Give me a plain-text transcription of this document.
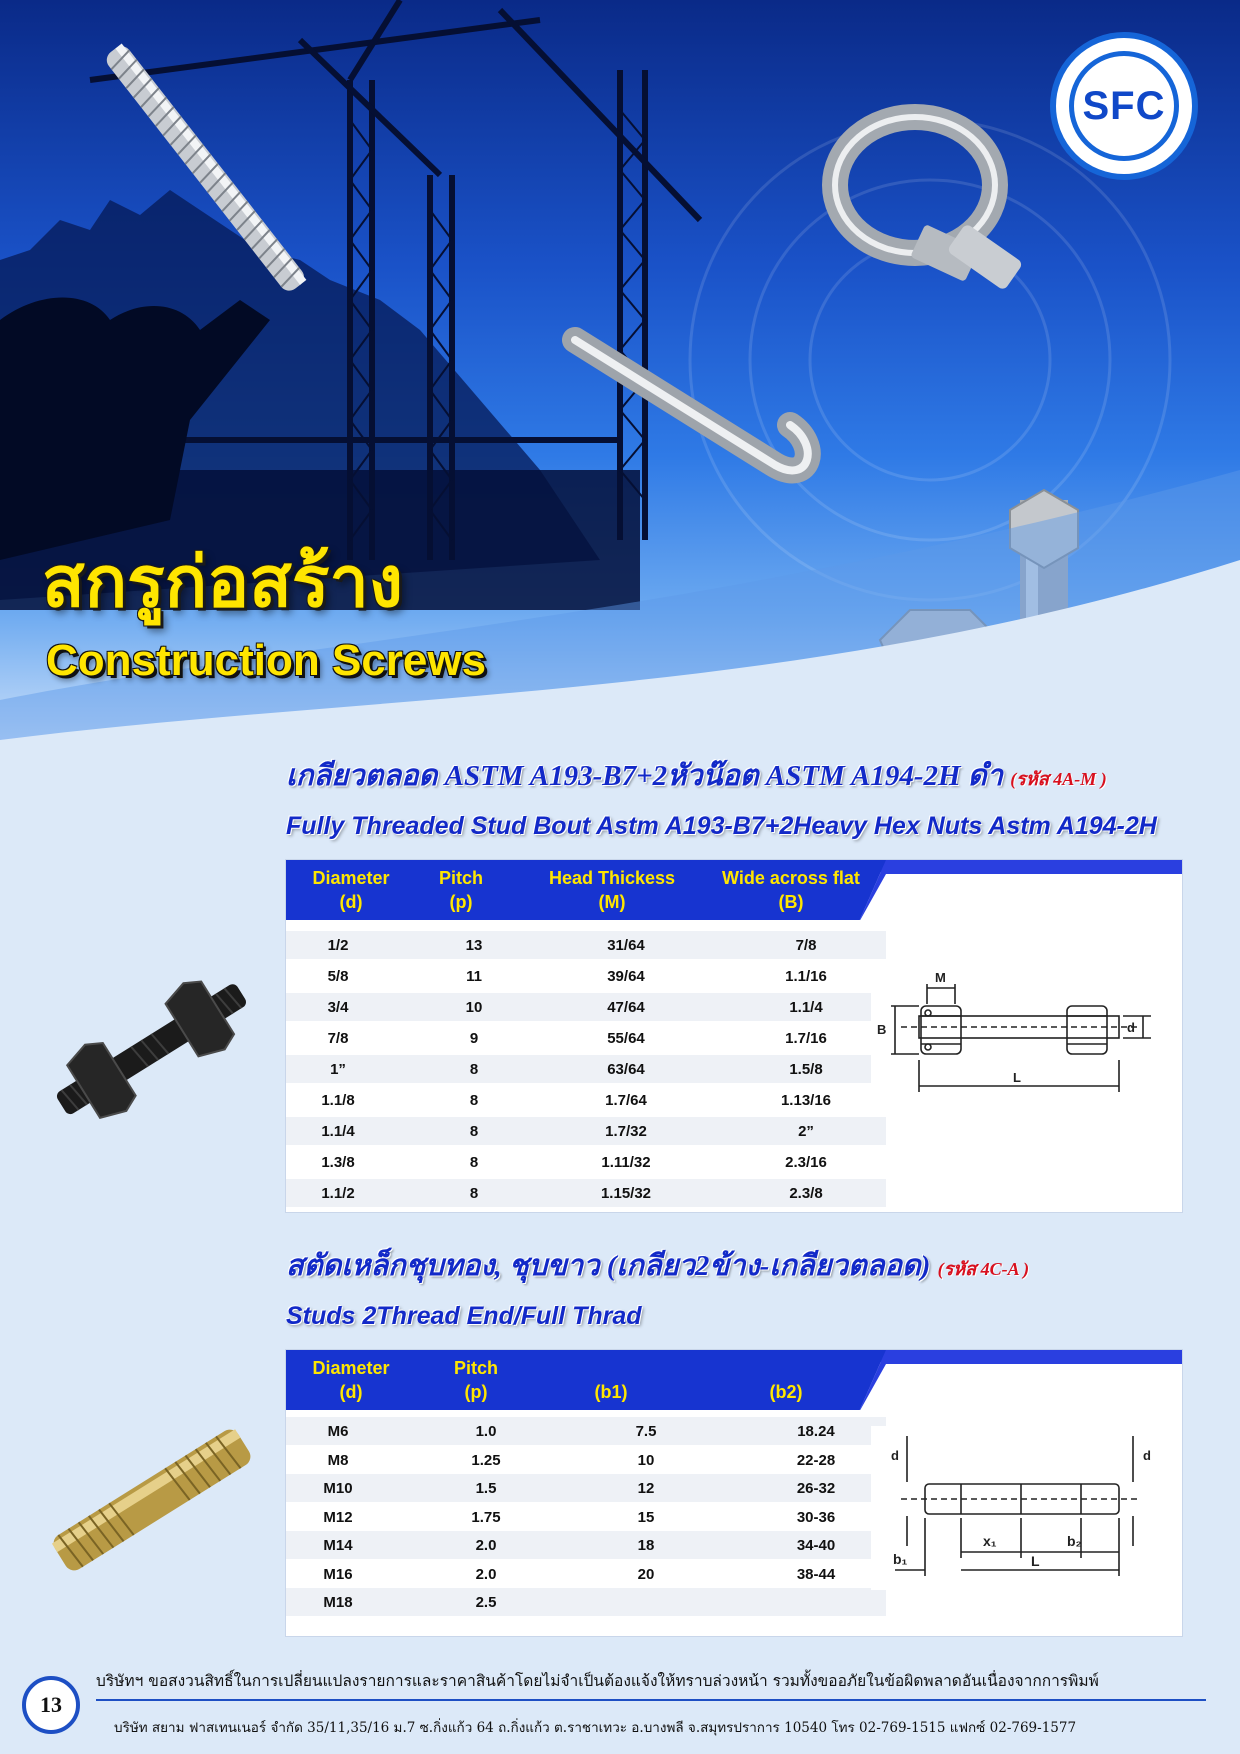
SFC
สกรูก่อสร้าง
Construction Screws
เกลียวตลอด ASTM A193-B7+2หัวน๊อต ASTM A194-2H ดำ (รหัส 4A-M )
Fully Threaded Stud Bout Astm A193-B7+2Heavy Hex Nuts Astm A194-2H
Diameter
(d)
Pitch
(p)
Head Thickess
(M)
Wide across flat
(B)
1/2	13	31/64	7/8
5/8	11	39/64	1.1/16
3/4	10	47/64	1.1/4
7/8	9	55/64	1.7/16
1”	8	63/64	1.5/8
1.1/8	8	1.7/64	1.13/16
1.1/4	8	1.7/32	2”
1.3/8	8	1.11/32	2.3/16
1.1/2	8	1.15/32	2.3/8
M
B	d
L
สตัดเหล็กชุบทอง, ชุบขาว (เกลียว2ข้าง-เกลียวตลอด) (รหัส 4C-A )
Studs 2Thread End/Full Thrad
Diameter
(d)
Pitch
(p)
	(b1)
	(b2)
M6	1.0	7.5	18.24
M8	1.25	10	22-28
M10	1.5	12	26-32
M12	1.75	15	30-36
M14	2.0	18	34-40
M16	2.0	20	38-44
M18	2.5
d	d
x₁	b₂
b₁	L
13
บริษัทฯ ขอสงวนสิทธิ์ในการเปลี่ยนแปลงรายการและราคาสินค้าโดยไม่จำเป็นต้องแจ้งให้ทราบล่วงหน้า รวมทั้งขออภัยในข้อผิดพลาดอันเนื่องจากการพิมพ์
บริษัท สยาม ฟาสเทนเนอร์ จำกัด 35/11,35/16 ม.7 ซ.กิ่งแก้ว 64 ถ.กิ่งแก้ว ต.ราชาเทวะ อ.บางพลี จ.สมุทรปราการ 10540 โทร 02-769-1515 แฟกซ์ 02-769-1577
